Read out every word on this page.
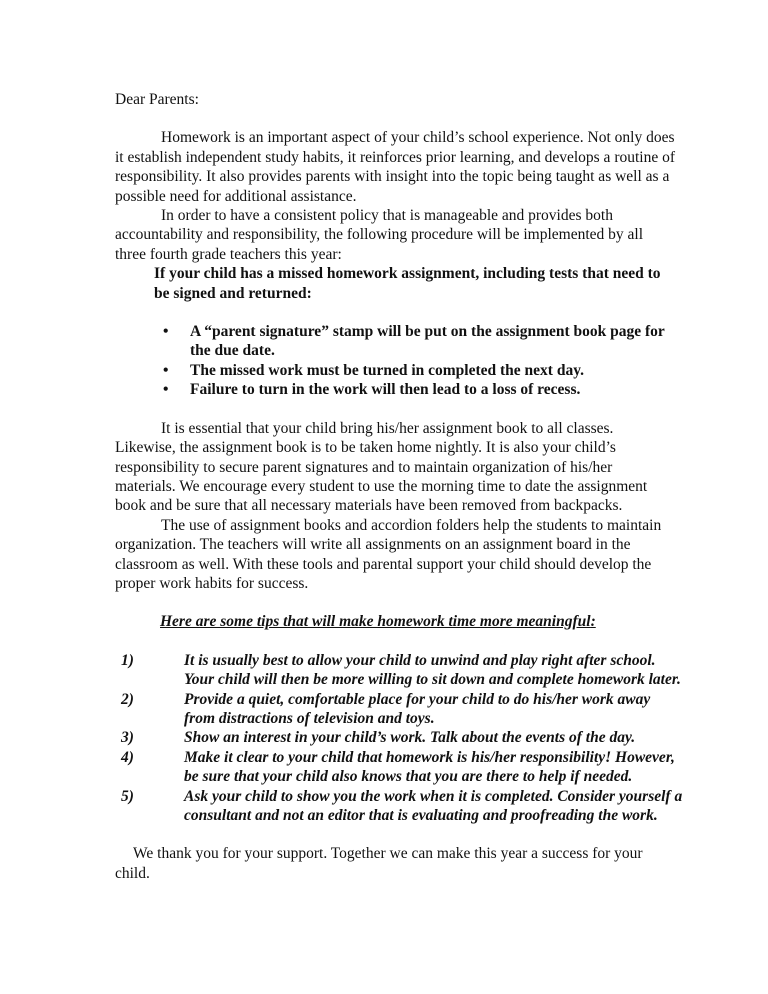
Dear Parents:

Homework is an important aspect of your child’s school experience. Not only does it establish independent study habits, it reinforces prior learning, and develops a routine of responsibility. It also provides parents with insight into the topic being taught as well as a possible need for additional assistance.

In order to have a consistent policy that is manageable and provides both accountability and responsibility, the following procedure will be implemented by all three fourth grade teachers this year:

If your child has a missed homework assignment, including tests that need to be signed and returned:

• A “parent signature” stamp will be put on the assignment book page for the due date.
• The missed work must be turned in completed the next day.
• Failure to turn in the work will then lead to a loss of recess.

It is essential that your child bring his/her assignment book to all classes. Likewise, the assignment book is to be taken home nightly. It is also your child’s responsibility to secure parent signatures and to maintain organization of his/her materials. We encourage every student to use the morning time to date the assignment book and be sure that all necessary materials have been removed from backpacks.

The use of assignment books and accordion folders help the students to maintain organization. The teachers will write all assignments on an assignment board in the classroom as well. With these tools and parental support your child should develop the proper work habits for success.

Here are some tips that will make homework time more meaningful:

1)	It is usually best to allow your child to unwind and play right after school. Your child will then be more willing to sit down and complete homework later.
2)	Provide a quiet, comfortable place for your child to do his/her work away from distractions of television and toys.
3)	Show an interest in your child’s work. Talk about the events of the day.
4)	Make it clear to your child that homework is his/her responsibility! However, be sure that your child also knows that you are there to help if needed.
5)	Ask your child to show you the work when it is completed. Consider yourself a consultant and not an editor that is evaluating and proofreading the work.

We thank you for your support. Together we can make this year a success for your child.
